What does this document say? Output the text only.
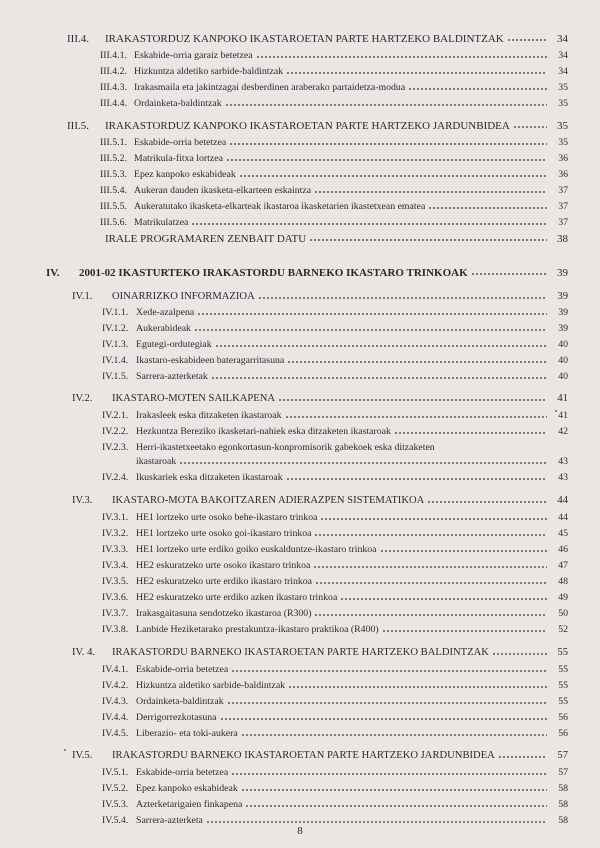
III.4.	IRAKASTORDUZ KANPOKO IKASTAROETAN PARTE HARTZEKO BALDINTZAK	34
III.4.1. Eskabide-orria garaiz betetzea	34
III.4.2. Hizkuntza aldetiko sarbide-baldintzak	34
III.4.3. Irakasmaila eta jakintzagai desberdinen araberako partaidetza-modua	35
III.4.4. Ordainketa-baldintzak	35
III.5.	IRAKASTORDUZ KANPOKO IKASTAROETAN PARTE HARTZEKO JARDUNBIDEA	35
III.5.1. Eskabide-orria betetzea	35
III.5.2. Matrikula-fitxa lortzea	36
III.5.3. Epez kanpoko eskabideak	36
III.5.4. Aukeran dauden ikasketa-elkarteen eskaintza	37
III.5.5. Aukeratutako ikasketa-elkarteak ikastaroa ikasketarien ikastetxean ematea	37
III.5.6. Matrikulatzea	37
IRALE PROGRAMAREN ZENBAIT DATU	38
IV.	2001-02 IKASTURTEKO IRAKASTORDU BARNEKO IKASTARO TRINKOAK	39
IV.1.	OINARRIZKO INFORMAZIOA	39
IV.1.1. Xede-azalpena	39
IV.1.2. Aukerabideak	39
IV.1.3. Egutegi-ordutegiak	40
IV.1.4. Ikastaro-eskabideen bateragarritasuna	40
IV.1.5. Sarrera-azterketak	40
IV.2.	IKASTARO-MOTEN SAILKAPENA	41
IV.2.1. Irakasleek eska ditzaketen ikastaroak	41
IV.2.2. Hezkuntza Bereziko ikasketari-nahiek eska ditzaketen ikastaroak	42
IV.2.3. Herri-ikastetxeetako egonkortasun-konpromisorik gabekoek eska ditzaketen
ikastaroak	43
IV.2.4. Ikuskariek eska ditzaketen ikastaroak	43
IV.3.	IKASTARO-MOTA BAKOITZAREN ADIERAZPEN SISTEMATIKOA	44
IV.3.1. HE1 lortzeko urte osoko behe-ikastaro trinkoa	44
IV.3.2. HE1 lortzeko urte osoko goi-ikastaro trinkoa	45
IV.3.3. HE1 lortzeko urte erdiko goiko euskalduntze-ikastaro trinkoa	46
IV.3.4. HE2 eskuratzeko urte osoko ikastaro trinkoa	47
IV.3.5. HE2 eskuratzeko urte erdiko ikastaro trinkoa	48
IV.3.6. HE2 eskuratzeko urte erdiko azken ikastaro trinkoa	49
IV.3.7. Irakasgaitasuna sendotzeko ikastaroa (R300)	50
IV.3.8. Lanbide Heziketarako prestakuntza-ikastaro praktikoa (R400)	52
IV. 4.	IRAKASTORDU BARNEKO IKASTAROETAN PARTE HARTZEKO BALDINTZAK	55
IV.4.1. Eskabide-orria betetzea	55
IV.4.2. Hizkuntza aldetiko sarbide-baldintzak	55
IV.4.3. Ordainketa-baldintzak	55
IV.4.4. Derrigorrezkotasuna	56
IV.4.5. Liberazio- eta toki-aukera	56
IV.5.	IRAKASTORDU BARNEKO IKASTAROETAN PARTE HARTZEKO JARDUNBIDEA	57
IV.5.1. Eskabide-orria betetzea	57
IV.5.2. Epez kanpoko eskabideak	58
IV.5.3. Azterketarigaien finkapena	58
IV.5.4. Sarrera-azterketa	58
8
